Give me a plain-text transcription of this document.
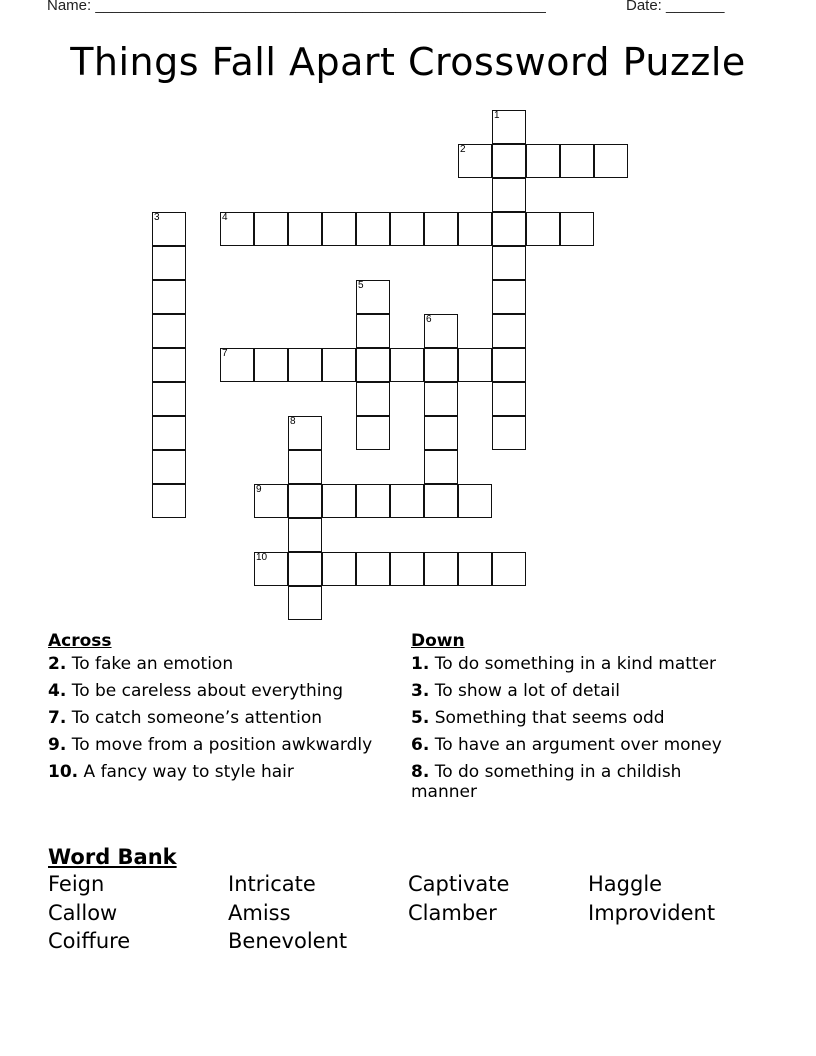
Name: ______________________________________________________	Date: _______
Things Fall Apart Crossword Puzzle
1
2
3	4
5
6
7
8
9
10
Across
2. To fake an emotion
4. To be careless about everything
7. To catch someone’s attention
9. To move from a position awkwardly
10. A fancy way to style hair
Down
1. To do something in a kind matter
3. To show a lot of detail
5. Something that seems odd
6. To have an argument over money
8. To do something in a childish manner
Word Bank
Feign	Intricate	Captivate	Haggle
Callow	Amiss	Clamber	Improvident
Coiffure	Benevolent
